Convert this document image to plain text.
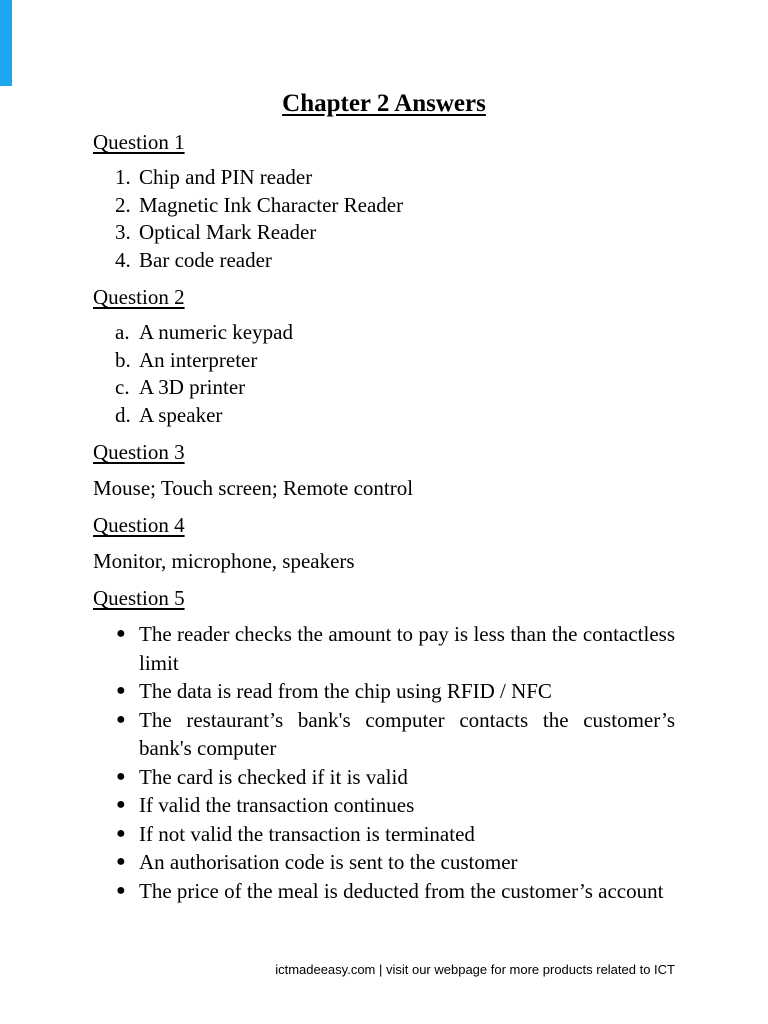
Chapter 2 Answers
Question 1
1. Chip and PIN reader
2. Magnetic Ink Character Reader
3. Optical Mark Reader
4. Bar code reader
Question 2
a. A numeric keypad
b. An interpreter
c. A 3D printer
d. A speaker
Question 3

Mouse; Touch screen; Remote control

Question 4

Monitor, microphone, speakers

Question 5
● The reader checks the amount to pay is less than the contactless limit
● The data is read from the chip using RFID / NFC
● The restaurant’s bank's computer contacts the customer’s bank's computer
● The card is checked if it is valid
● If valid the transaction continues
● If not valid the transaction is terminated
● An authorisation code is sent to the customer
● The price of the meal is deducted from the customer’s account
ictmadeeasy.com | visit our webpage for more products related to ICT
